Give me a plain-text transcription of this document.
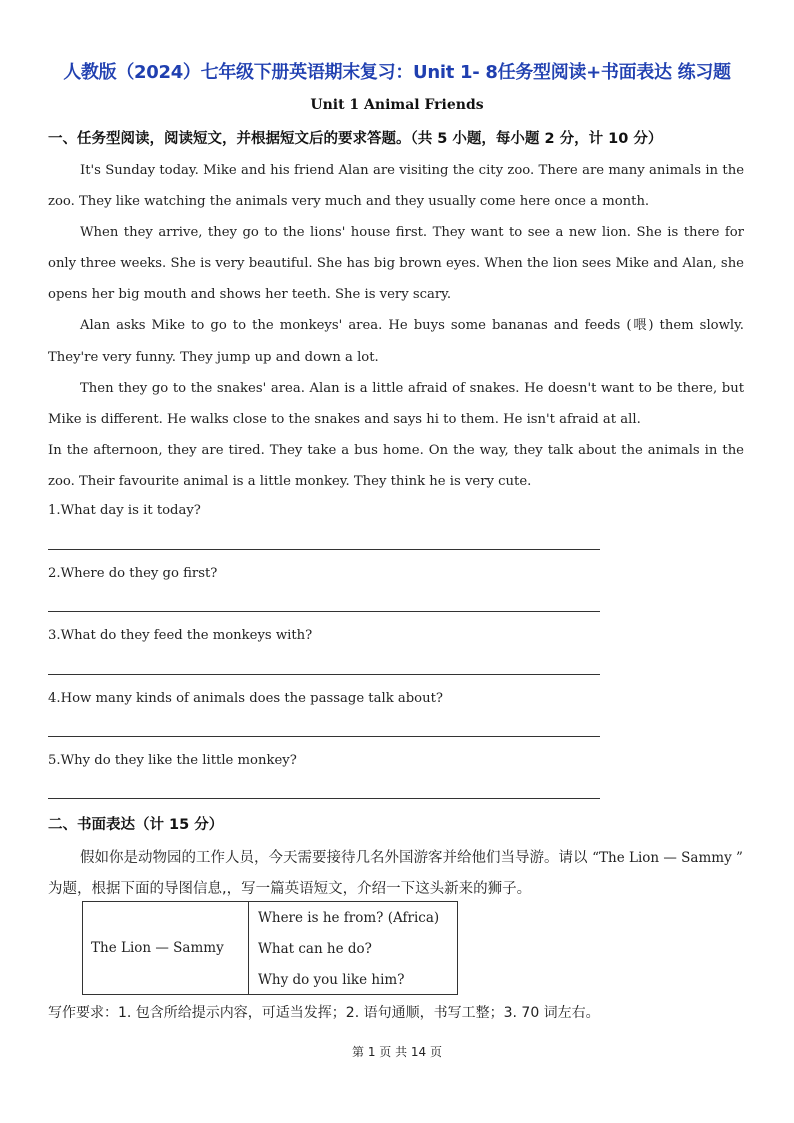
人教版（2024）七年级下册英语期末复习：Unit 1- 8任务型阅读+书面表达 练习题
Unit 1 Animal Friends
一、任务型阅读，阅读短文，并根据短文后的要求答题。（共 5 小题，每小题 2 分，计 10 分）

It's Sunday today. Mike and his friend Alan are visiting the city zoo. There are many animals in the zoo. They like watching the animals very much and they usually come here once a month.

When they arrive, they go to the lions' house first. They want to see a new lion. She is there for only three weeks. She is very beautiful. She has big brown eyes. When the lion sees Mike and Alan, she opens her big mouth and shows her teeth. She is very scary.

Alan asks Mike to go to the monkeys' area. He buys some bananas and feeds (喂) them slowly. They're very funny. They jump up and down a lot.

Then they go to the snakes' area. Alan is a little afraid of snakes. He doesn't want to be there, but Mike is different. He walks close to the snakes and says hi to them. He isn't afraid at all.

In the afternoon, they are tired. They take a bus home. On the way, they talk about the animals in the zoo. Their favourite animal is a little monkey. They think he is very cute.

1.What day is it today?
2.Where do they go first?
3.What do they feed the monkeys with?
4.How many kinds of animals does the passage talk about?
5.Why do they like the little monkey?
二、书面表达（计 15 分）

假如你是动物园的工作人员，今天需要接待几名外国游客并给他们当导游。请以 “The Lion — Sammy ” 为题，根据下面的导图信息,，写一篇英语短文，介绍一下这头新来的狮子。

The Lion — Sammy
Where is he from? (Africa)
What can he do?
Why do you like him?
写作要求：1. 包含所给提示内容，可适当发挥；2. 语句通顺，书写工整；3. 70 词左右。
第 1 页 共 14 页
